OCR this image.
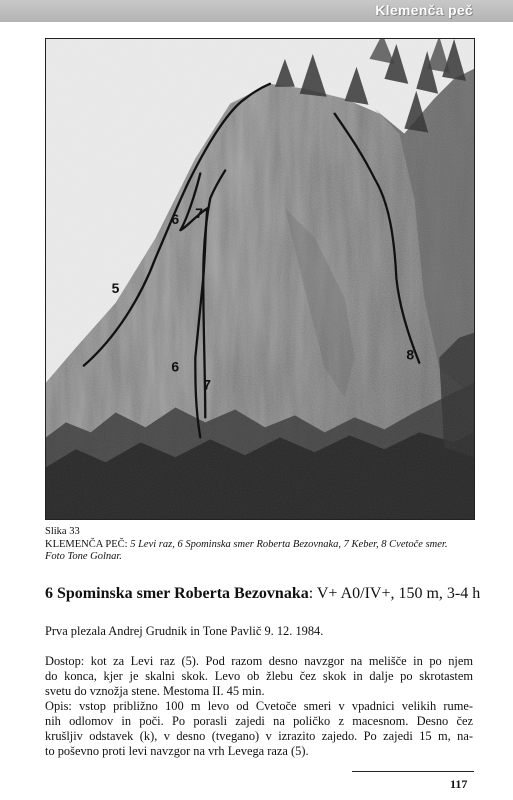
Klemenča peč
5
6 7
6
7
8
Slika 33
KLEMENČA PEČ: 5 Levi raz, 6 Spominska smer Roberta Bezovnaka, 7 Keber, 8 Cvetoče smer.
Foto Tone Golnar.
6 Spominska smer Roberta Bezovnaka: V+ A0/IV+, 150 m, 3-4 h
Prva plezala Andrej Grudnik in Tone Pavlič 9. 12. 1984.
Dostop: kot za Levi raz (5). Pod razom desno navzgor na melišče in po njem
do konca, kjer je skalni skok. Levo ob žlebu čez skok in dalje po skrotastem
svetu do vznožja stene. Mestoma II. 45 min.
Opis: vstop približno 100 m levo od Cvetoče smeri v vpadnici velikih rume-
nih odlomov in poči. Po porasli zajedi na poličko z macesnom. Desno čez
krušljiv odstavek (k), v desno (tvegano) v izrazito zajedo. Po zajedi 15 m, na-
to poševno proti levi navzgor na vrh Levega raza (5).
117
